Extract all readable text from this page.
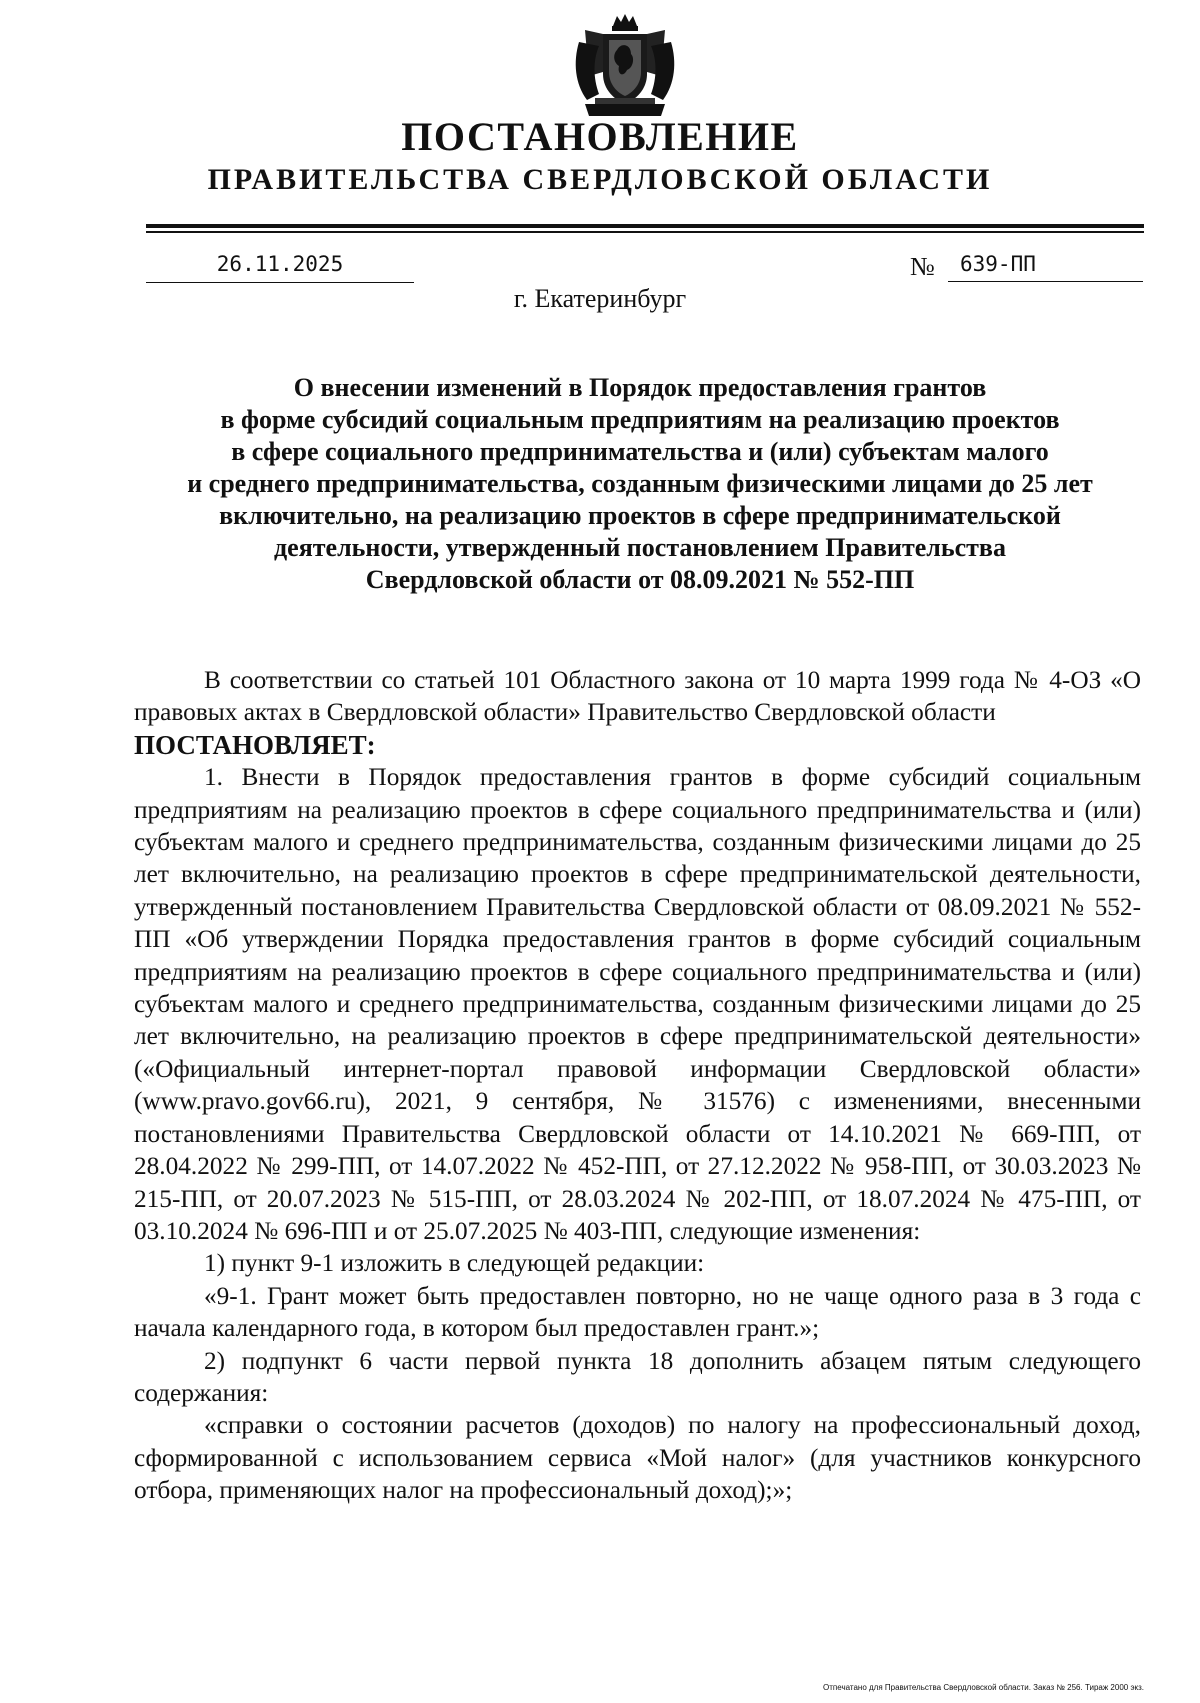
ПОСТАНОВЛЕНИЕ
ПРАВИТЕЛЬСТВА СВЕРДЛОВСКОЙ ОБЛАСТИ
26.11.2025	№	639-ПП
г. Екатеринбург
О внесении изменений в Порядок предоставления грантов
в форме субсидий социальным предприятиям на реализацию проектов
в сфере социального предпринимательства и (или) субъектам малого
и среднего предпринимательства, созданным физическими лицами до 25 лет
включительно, на реализацию проектов в сфере предпринимательской
деятельности, утвержденный постановлением Правительства
Свердловской области от 08.09.2021 № 552-ПП

В соответствии со статьей 101 Областного закона от 10 марта 1999 года № 4-ОЗ «О правовых актах в Свердловской области» Правительство Свердловской области

ПОСТАНОВЛЯЕТ:

1. Внести в Порядок предоставления грантов в форме субсидий социальным предприятиям на реализацию проектов в сфере социального предпринимательства и (или) субъектам малого и среднего предпринимательства, созданным физическими лицами до 25 лет включительно, на реализацию проектов в сфере предпринимательской деятельности, утвержденный постановлением Правительства Свердловской области от 08.09.2021 № 552-ПП «Об утверждении Порядка предоставления грантов в форме субсидий социальным предприятиям на реализацию проектов в сфере социального предпринимательства и (или) субъектам малого и среднего предпринимательства, созданным физическими лицами до 25 лет включительно, на реализацию проектов в сфере предпринимательской деятельности» («Официальный интернет-портал правовой информации Свердловской области» (www.pravo.gov66.ru), 2021, 9 сентября, № 31576) с изменениями, внесенными постановлениями Правительства Свердловской области от 14.10.2021 № 669-ПП, от 28.04.2022 № 299-ПП, от 14.07.2022 № 452-ПП, от 27.12.2022 № 958-ПП, от 30.03.2023 № 215-ПП, от 20.07.2023 № 515-ПП, от 28.03.2024 № 202-ПП, от 18.07.2024 № 475-ПП, от 03.10.2024 № 696-ПП и от 25.07.2025 № 403-ПП, следующие изменения:

1) пункт 9-1 изложить в следующей редакции:

«9-1. Грант может быть предоставлен повторно, но не чаще одного раза в 3 года с начала календарного года, в котором был предоставлен грант.»;

2) подпункт 6 части первой пункта 18 дополнить абзацем пятым следующего содержания:

«справки о состоянии расчетов (доходов) по налогу на профессиональный доход, сформированной с использованием сервиса «Мой налог» (для участников конкурсного отбора, применяющих налог на профессиональный доход);»;

Отпечатано для Правительства Свердловской области. Заказ № 256. Тираж 2000 экз.
